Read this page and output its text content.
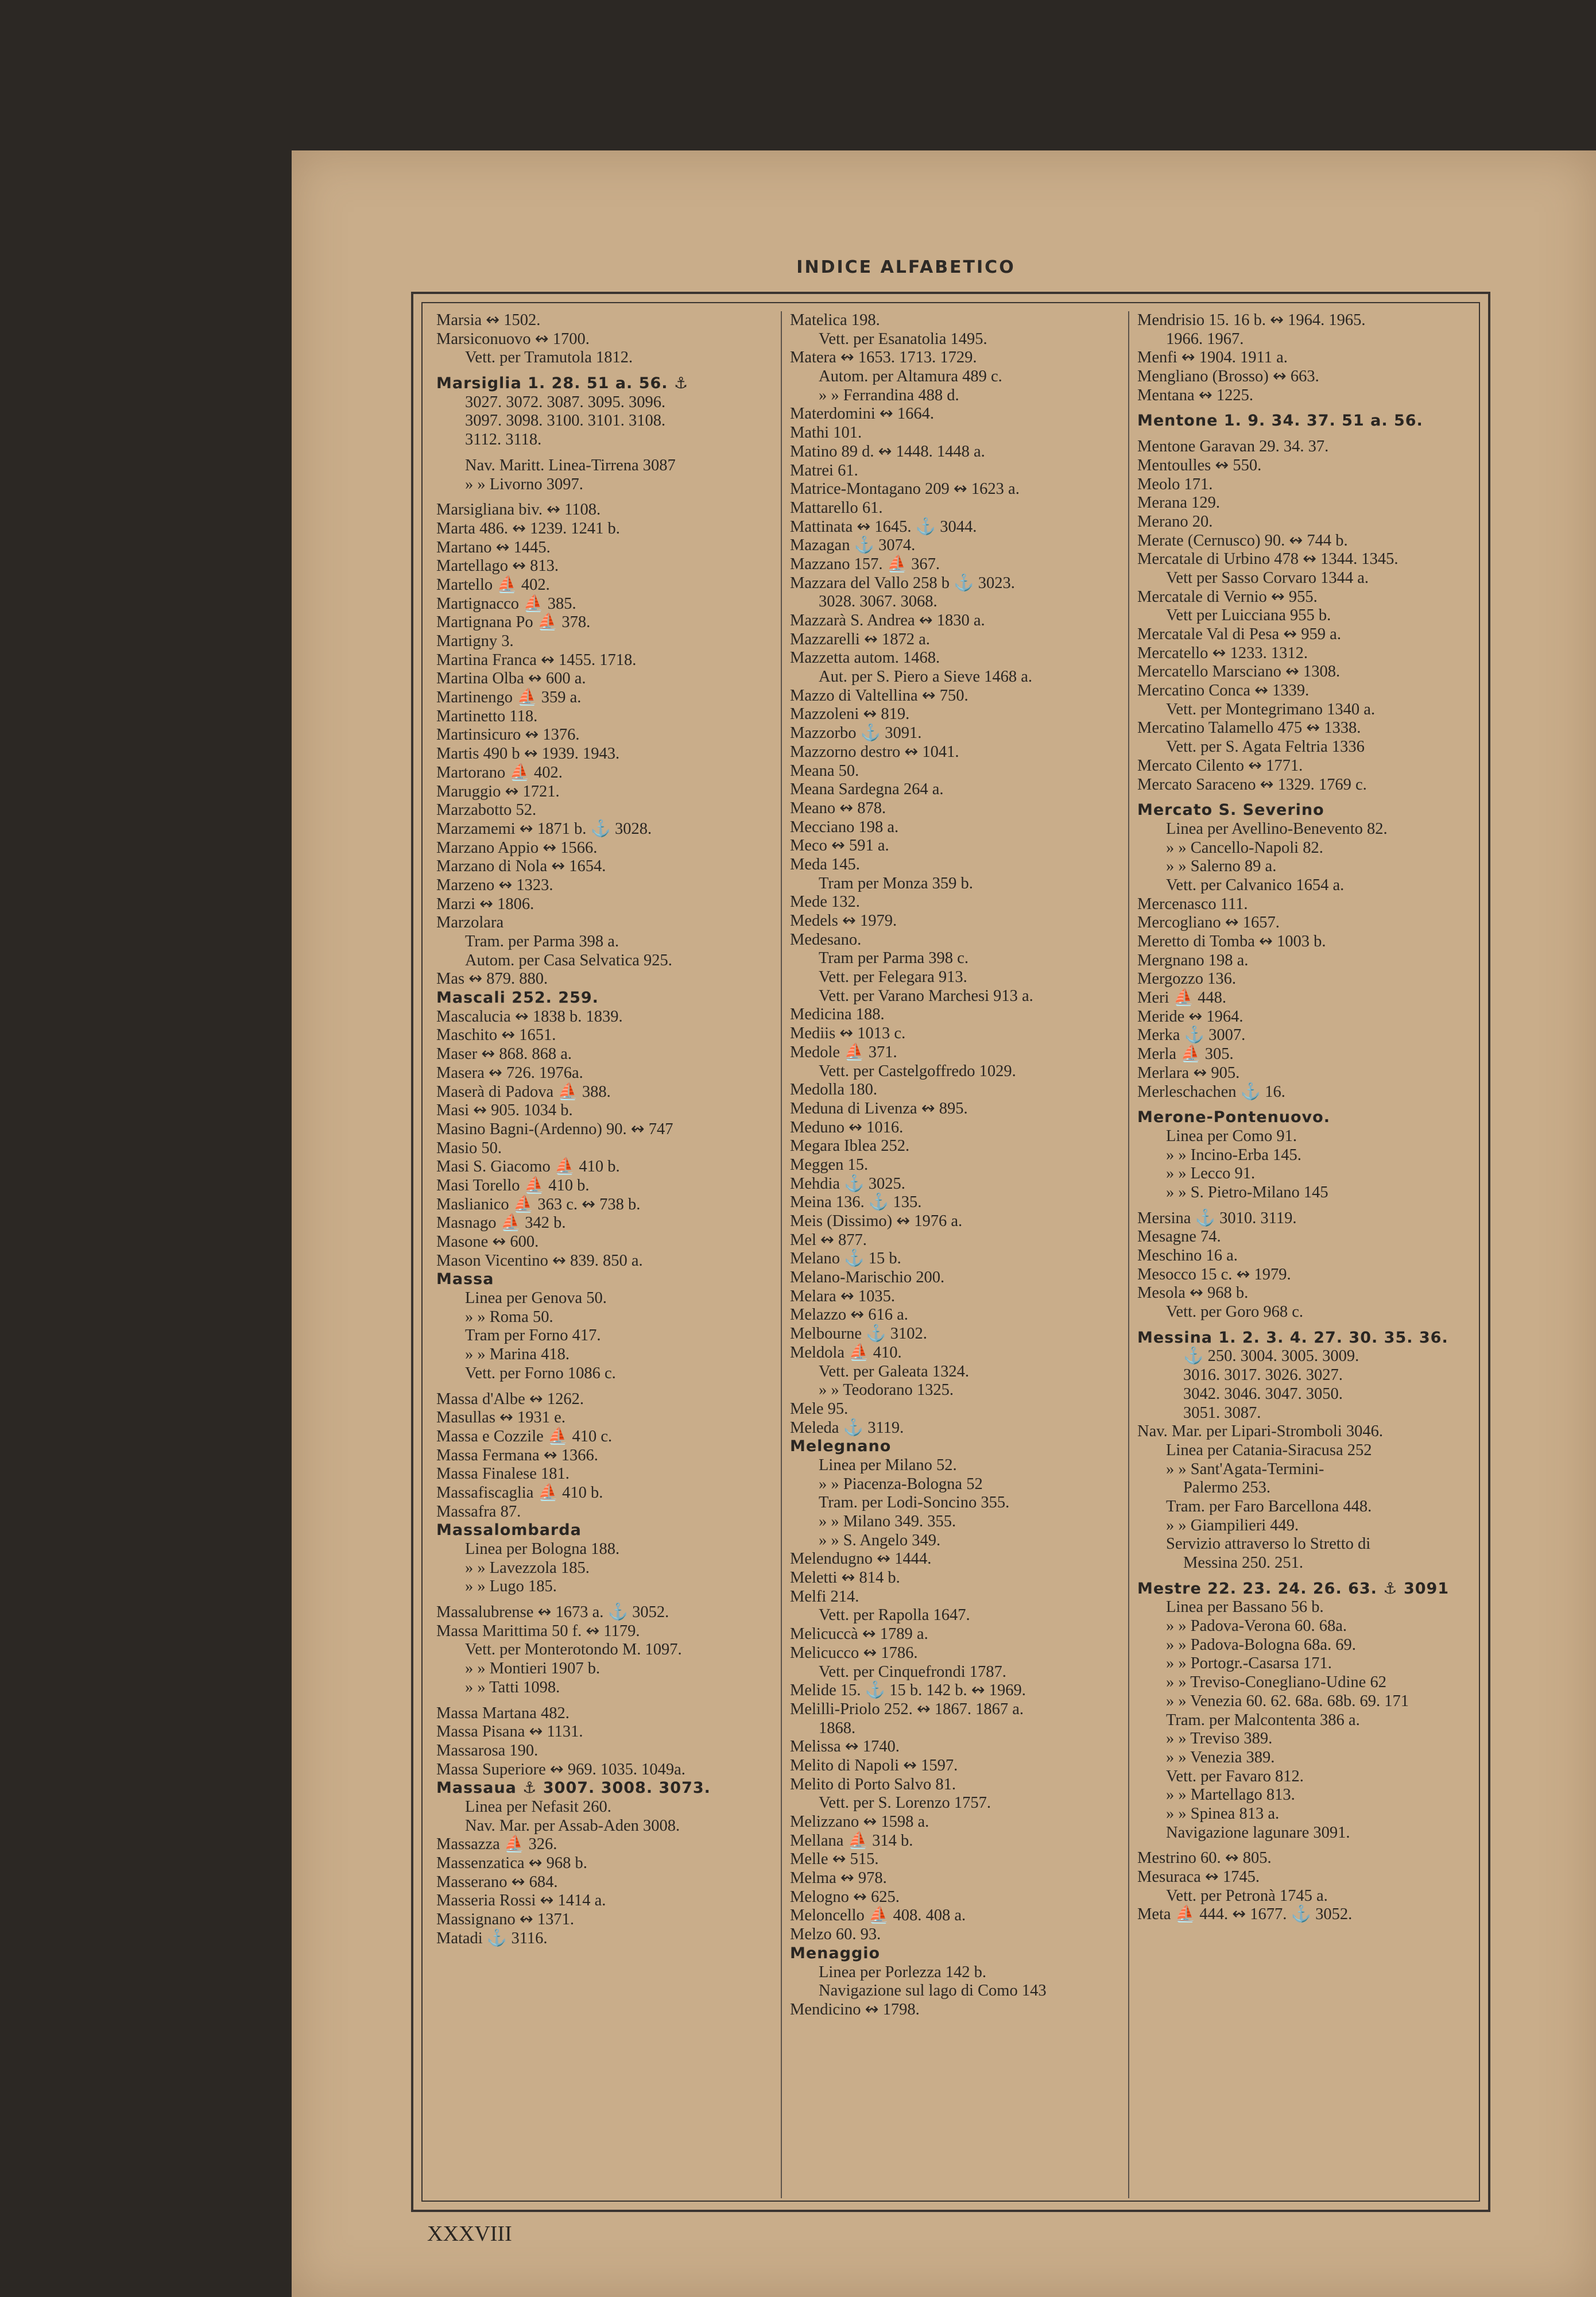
INDICE ALFABETICO
Marsia ↭ 1502.
Marsiconuovo ↭ 1700.
Vett. per Tramutola 1812.
Marsiglia 1. 28. 51 a. 56. ⚓
3027. 3072. 3087. 3095. 3096.
3097. 3098. 3100. 3101. 3108.
3112. 3118.
Nav. Maritt. Linea-Tirrena 3087
» » Livorno 3097.
Marsigliana biv. ↭ 1108.
Marta 486. ↭ 1239. 1241 b.
Martano ↭ 1445.
Martellago ↭ 813.
Martello ⛵ 402.
Martignacco ⛵ 385.
Martignana Po ⛵ 378.
Martigny 3.
Martina Franca ↭ 1455. 1718.
Martina Olba ↭ 600 a.
Martinengo ⛵ 359 a.
Martinetto 118.
Martinsicuro ↭ 1376.
Martis 490 b ↭ 1939. 1943.
Martorano ⛵ 402.
Maruggio ↭ 1721.
Marzabotto 52.
Marzamemi ↭ 1871 b. ⚓ 3028.
Marzano Appio ↭ 1566.
Marzano di Nola ↭ 1654.
Marzeno ↭ 1323.
Marzi ↭ 1806.
Marzolara
Tram. per Parma 398 a.
Autom. per Casa Selvatica 925.
Mas ↭ 879. 880.
Mascali 252. 259.
Mascalucia ↭ 1838 b. 1839.
Maschito ↭ 1651.
Maser ↭ 868. 868 a.
Masera ↭ 726. 1976a.
Maserà di Padova ⛵ 388.
Masi ↭ 905. 1034 b.
Masino Bagni-(Ardenno) 90. ↭ 747
Masio 50.
Masi S. Giacomo ⛵ 410 b.
Masi Torello ⛵ 410 b.
Maslianico ⛵ 363 c. ↭ 738 b.
Masnago ⛵ 342 b.
Masone ↭ 600.
Mason Vicentino ↭ 839. 850 a.
Massa
Linea per Genova 50.
» » Roma 50.
Tram per Forno 417.
» » Marina 418.
Vett. per Forno 1086 c.
Massa d'Albe ↭ 1262.
Masullas ↭ 1931 e.
Massa e Cozzile ⛵ 410 c.
Massa Fermana ↭ 1366.
Massa Finalese 181.
Massafiscaglia ⛵ 410 b.
Massafra 87.
Massalombarda
Linea per Bologna 188.
» » Lavezzola 185.
» » Lugo 185.
Massalubrense ↭ 1673 a. ⚓ 3052.
Massa Marittima 50 f. ↭ 1179.
Vett. per Monterotondo M. 1097.
» » Montieri 1907 b.
» » Tatti 1098.
Massa Martana 482.
Massa Pisana ↭ 1131.
Massarosa 190.
Massa Superiore ↭ 969. 1035. 1049a.
Massaua ⚓ 3007. 3008. 3073.
Linea per Nefasit 260.
Nav. Mar. per Assab-Aden 3008.
Massazza ⛵ 326.
Massenzatica ↭ 968 b.
Masserano ↭ 684.
Masseria Rossi ↭ 1414 a.
Massignano ↭ 1371.
Matadi ⚓ 3116.
Matelica 198.
Vett. per Esanatolia 1495.
Matera ↭ 1653. 1713. 1729.
Autom. per Altamura 489 c.
» » Ferrandina 488 d.
Materdomini ↭ 1664.
Mathi 101.
Matino 89 d. ↭ 1448. 1448 a.
Matrei 61.
Matrice-Montagano 209 ↭ 1623 a.
Mattarello 61.
Mattinata ↭ 1645. ⚓ 3044.
Mazagan ⚓ 3074.
Mazzano 157. ⛵ 367.
Mazzara del Vallo 258 b ⚓ 3023.
3028. 3067. 3068.
Mazzarà S. Andrea ↭ 1830 a.
Mazzarelli ↭ 1872 a.
Mazzetta autom. 1468.
Aut. per S. Piero a Sieve 1468 a.
Mazzo di Valtellina ↭ 750.
Mazzoleni ↭ 819.
Mazzorbo ⚓ 3091.
Mazzorno destro ↭ 1041.
Meana 50.
Meana Sardegna 264 a.
Meano ↭ 878.
Mecciano 198 a.
Meco ↭ 591 a.
Meda 145.
Tram per Monza 359 b.
Mede 132.
Medels ↭ 1979.
Medesano.
Tram per Parma 398 c.
Vett. per Felegara 913.
Vett. per Varano Marchesi 913 a.
Medicina 188.
Mediis ↭ 1013 c.
Medole ⛵ 371.
Vett. per Castelgoffredo 1029.
Medolla 180.
Meduna di Livenza ↭ 895.
Meduno ↭ 1016.
Megara Iblea 252.
Meggen 15.
Mehdia ⚓ 3025.
Meina 136. ⚓ 135.
Meis (Dissimo) ↭ 1976 a.
Mel ↭ 877.
Melano ⚓ 15 b.
Melano-Marischio 200.
Melara ↭ 1035.
Melazzo ↭ 616 a.
Melbourne ⚓ 3102.
Meldola ⛵ 410.
Vett. per Galeata 1324.
» » Teodorano 1325.
Mele 95.
Meleda ⚓ 3119.
Melegnano
Linea per Milano 52.
» » Piacenza-Bologna 52
Tram. per Lodi-Soncino 355.
» » Milano 349. 355.
» » S. Angelo 349.
Melendugno ↭ 1444.
Meletti ↭ 814 b.
Melfi 214.
Vett. per Rapolla 1647.
Melicuccà ↭ 1789 a.
Melicucco ↭ 1786.
Vett. per Cinquefrondi 1787.
Melide 15. ⚓ 15 b. 142 b. ↭ 1969.
Melilli-Priolo 252. ↭ 1867. 1867 a.
1868.
Melissa ↭ 1740.
Melito di Napoli ↭ 1597.
Melito di Porto Salvo 81.
Vett. per S. Lorenzo 1757.
Melizzano ↭ 1598 a.
Mellana ⛵ 314 b.
Melle ↭ 515.
Melma ↭ 978.
Melogno ↭ 625.
Meloncello ⛵ 408. 408 a.
Melzo 60. 93.
Menaggio
Linea per Porlezza 142 b.
Navigazione sul lago di Como 143
Mendicino ↭ 1798.
Mendrisio 15. 16 b. ↭ 1964. 1965.
1966. 1967.
Menfi ↭ 1904. 1911 a.
Mengliano (Brosso) ↭ 663.
Mentana ↭ 1225.
Mentone 1. 9. 34. 37. 51 a. 56.
Mentone Garavan 29. 34. 37.
Mentoulles ↭ 550.
Meolo 171.
Merana 129.
Merano 20.
Merate (Cernusco) 90. ↭ 744 b.
Mercatale di Urbino 478 ↭ 1344. 1345.
Vett per Sasso Corvaro 1344 a.
Mercatale di Vernio ↭ 955.
Vett per Luicciana 955 b.
Mercatale Val di Pesa ↭ 959 a.
Mercatello ↭ 1233. 1312.
Mercatello Marsciano ↭ 1308.
Mercatino Conca ↭ 1339.
Vett. per Montegrimano 1340 a.
Mercatino Talamello 475 ↭ 1338.
Vett. per S. Agata Feltria 1336
Mercato Cilento ↭ 1771.
Mercato Saraceno ↭ 1329. 1769 c.
Mercato S. Severino
Linea per Avellino-Benevento 82.
» » Cancello-Napoli 82.
» » Salerno 89 a.
Vett. per Calvanico 1654 a.
Mercenasco 111.
Mercogliano ↭ 1657.
Meretto di Tomba ↭ 1003 b.
Mergnano 198 a.
Mergozzo 136.
Meri ⛵ 448.
Meride ↭ 1964.
Merka ⚓ 3007.
Merla ⛵ 305.
Merlara ↭ 905.
Merleschachen ⚓ 16.
Merone-Pontenuovo.
Linea per Como 91.
» » Incino-Erba 145.
» » Lecco 91.
» » S. Pietro-Milano 145
Mersina ⚓ 3010. 3119.
Mesagne 74.
Meschino 16 a.
Mesocco 15 c. ↭ 1979.
Mesola ↭ 968 b.
Vett. per Goro 968 c.
Messina 1. 2. 3. 4. 27. 30. 35. 36.
⚓ 250. 3004. 3005. 3009.
3016. 3017. 3026. 3027.
3042. 3046. 3047. 3050.
3051. 3087.
Nav. Mar. per Lipari-Stromboli 3046.
Linea per Catania-Siracusa 252
» » Sant'Agata-Termini-
Palermo 253.
Tram. per Faro Barcellona 448.
» » Giampilieri 449.
Servizio attraverso lo Stretto di
Messina 250. 251.
Mestre 22. 23. 24. 26. 63. ⚓ 3091
Linea per Bassano 56 b.
» » Padova-Verona 60. 68a.
» » Padova-Bologna 68a. 69.
» » Portogr.-Casarsa 171.
» » Treviso-Conegliano-Udine 62
» » Venezia 60. 62. 68a. 68b. 69. 171
Tram. per Malcontenta 386 a.
» » Treviso 389.
» » Venezia 389.
Vett. per Favaro 812.
» » Martellago 813.
» » Spinea 813 a.
Navigazione lagunare 3091.
Mestrino 60. ↭ 805.
Mesuraca ↭ 1745.
Vett. per Petronà 1745 a.
Meta ⛵ 444. ↭ 1677. ⚓ 3052.
XXXVIII
